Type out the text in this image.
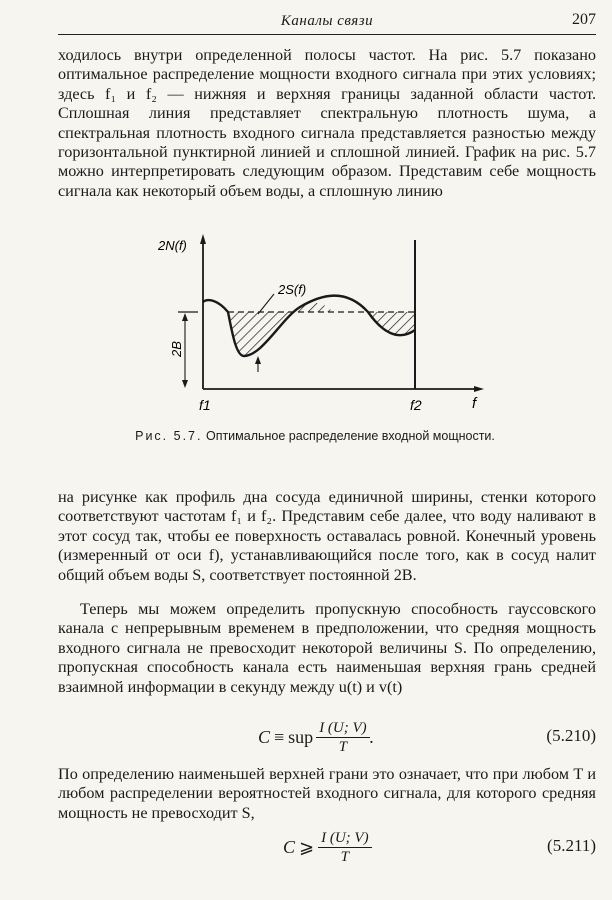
Каналы связи	207

ходилось внутри определенной полосы частот. На рис. 5.7 показано оптимальное распределение мощности входного сигнала при этих условиях; здесь f₁ и f₂ — нижняя и верхняя границы заданной области частот. Сплошная линия представляет спектральную плотность шума, а спектральная плотность входного сигнала представляется разностью между горизонтальной пунктирной линией и сплошной линией. График на рис. 5.7 можно интерпретировать следующим образом. Представим себе мощность сигнала как некоторый объем воды, а сплошную линию

2N(f)
2S(f)
2B
f
f1	f2
Рис. 5.7. Оптимальное распределение входной мощности.

на рисунке как профиль дна сосуда единичной ширины, стенки которого соответствуют частотам f₁ и f₂. Представим себе далее, что воду наливают в этот сосуд так, чтобы ее поверхность оставалась ровной. Конечный уровень (измеренный от оси f), устанавливающийся после того, как в сосуд налит общий объем воды S, соответствует постоянной 2B.

Теперь мы можем определить пропускную способность гауссовского канала с непрерывным временем в предположении, что средняя мощность входного сигнала не превосходит некоторой величины S. По определению, пропускная способность канала есть наименьшая верхняя грань средней взаимной информации в секунду между u(t) и v(t)

C ≡ sup $\frac{I (U; V)}{T}$ .	(5.210)

По определению наименьшей верхней грани это означает, что при любом T и любом распределении вероятностей входного сигнала, для которого средняя мощность не превосходит S,

C ⩾ $\frac{I (U; V)}{T}$	(5.211)
